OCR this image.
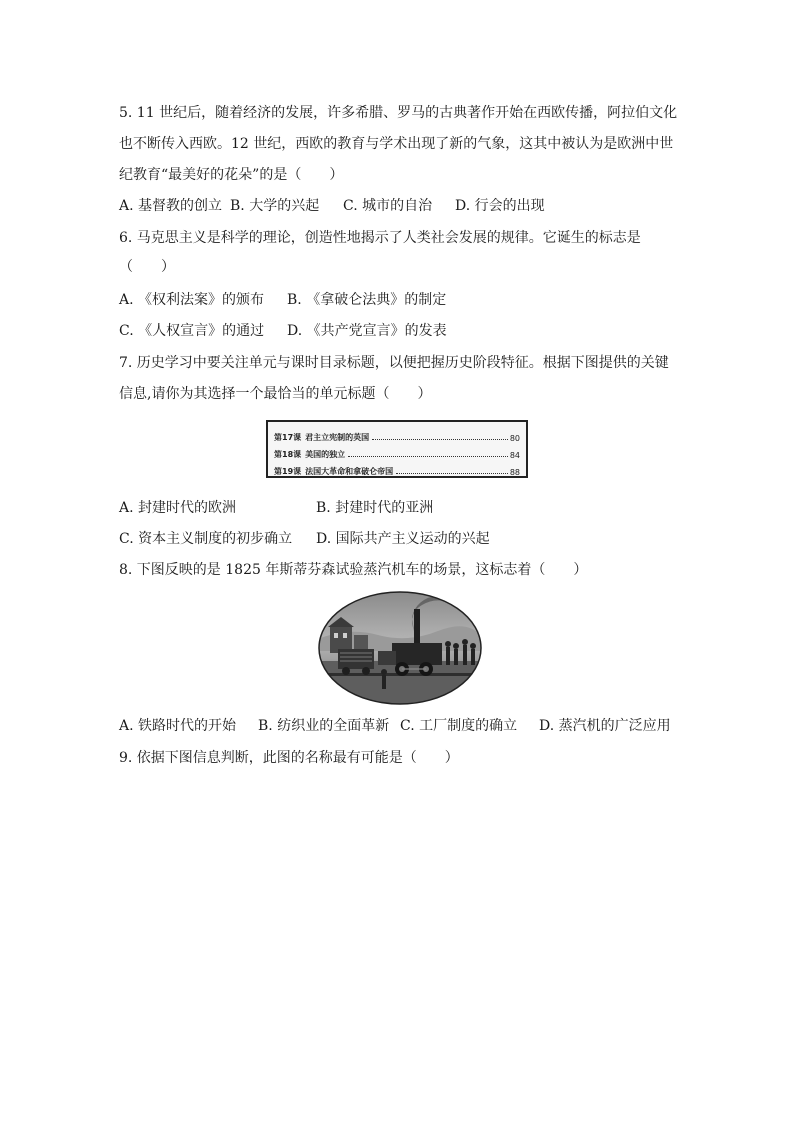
5. 11 世纪后，随着经济的发展，许多希腊、罗马的古典著作开始在西欧传播，阿拉伯文化
也不断传入西欧。12 世纪，西欧的教育与学术出现了新的气象，这其中被认为是欧洲中世
纪教育“最美好的花朵”的是（　　）
A. 基督教的创立 B. 大学的兴起 C. 城市的自治 D. 行会的出现
6. 马克思主义是科学的理论，创造性地揭示了人类社会发展的规律。它诞生的标志是
（　　）
A. 《权利法案》的颁布 B. 《拿破仑法典》的制定
C. 《人权宣言》的通过 D. 《共产党宣言》的发表
7. 历史学习中要关注单元与课时目录标题，以便把握历史阶段特征。根据下图提供的关键
信息,请你为其选择一个最恰当的单元标题（　　）
第17课 君主立宪制的英国	80
第18课 美国的独立	84
第19课 法国大革命和拿破仑帝国	88
A. 封建时代的欧洲	B. 封建时代的亚洲
C. 资本主义制度的初步确立 D. 国际共产主义运动的兴起
8. 下图反映的是 1825 年斯蒂芬森试验蒸汽机车的场景，这标志着（　　）
A. 铁路时代的开始 B. 纺织业的全面革新 C. 工厂制度的确立 D. 蒸汽机的广泛应用
9. 依据下图信息判断，此图的名称最有可能是（　　）
